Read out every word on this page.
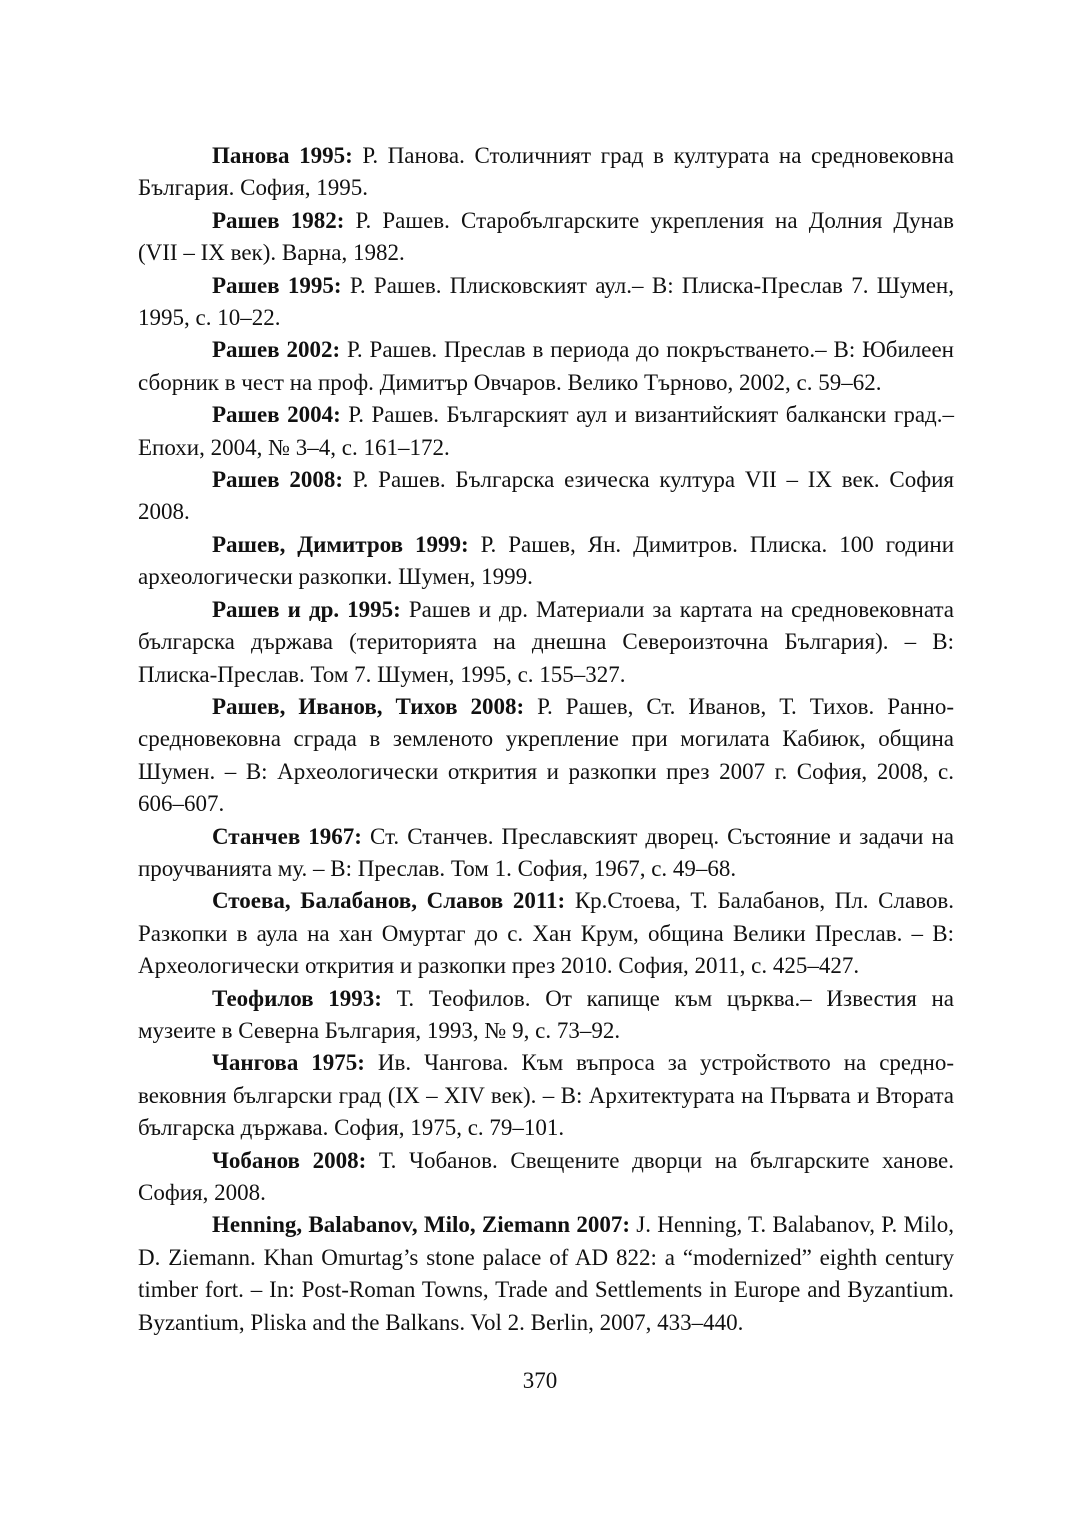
Панова 1995: Р. Панова. Столичният град в културата на средновековна България. София, 1995.

Рашев 1982: Р. Рашев. Старобългарските укрепления на Долния Дунав (VII – IX век). Варна, 1982.

Рашев 1995: Р. Рашев. Плисковският аул.– В: Плиска-Преслав 7. Шумен, 1995, с. 10–22.

Рашев 2002: Р. Рашев. Преслав в периода до покръстването.– В: Юбилеен сборник в чест на проф. Димитър Овчаров. Велико Търново, 2002, с. 59–62.

Рашев 2004: Р. Рашев. Българският аул и византийският балкански град.– Епохи, 2004, № 3–4, с. 161–172.

Рашев 2008: Р. Рашев. Българска езическа култура VII – IX век. София 2008.

Рашев, Димитров 1999: Р. Рашев, Ян. Димитров. Плиска. 100 години археологически разкопки. Шумен, 1999.

Рашев и др. 1995: Рашев и др. Материали за картата на средновековната българска държава (територията на днешна Североизточна България). – В: Плиска-Преслав. Том 7. Шумен, 1995, с. 155–327.

Рашев, Иванов, Тихов 2008: Р. Рашев, Ст. Иванов, Т. Тихов. Ранно-средновековна сграда в земленото укрепление при могилата Кабиюк, община Шумен. – В: Археологически открития и разкопки през 2007 г. София, 2008, с. 606–607.

Станчев 1967: Ст. Станчев. Преславският дворец. Състояние и задачи на проучванията му. – В: Преслав. Том 1. София, 1967, с. 49–68.

Стоева, Балабанов, Славов 2011: Кр.Стоева, Т. Балабанов, Пл. Славов. Разкопки в аула на хан Омуртаг до с. Хан Крум, община Велики Преслав. – В: Археологически открития и разкопки през 2010. София, 2011, с. 425–427.

Теофилов 1993: Т. Теофилов. От капище към църква.– Известия на музеите в Северна България, 1993, № 9, с. 73–92.

Чангова 1975: Ив. Чангова. Към въпроса за устройството на средно-вековния български град (IX – XIV век). – В: Архитектурата на Първата и Втората българска държава. София, 1975, с. 79–101.

Чобанов 2008: Т. Чобанов. Свещените дворци на българските ханове. София, 2008.

Henning, Balabanov, Milo, Ziemann 2007: J. Henning, T. Balabanov, P. Milo, D. Ziemann. Khan Omurtag’s stone palace of AD 822: a “modernized” eighth century timber fort. – In: Post-Roman Towns, Trade and Settlements in Europe and Byzantium. Byzantium, Pliska and the Balkans. Vol 2. Berlin, 2007, 433–440.

370
